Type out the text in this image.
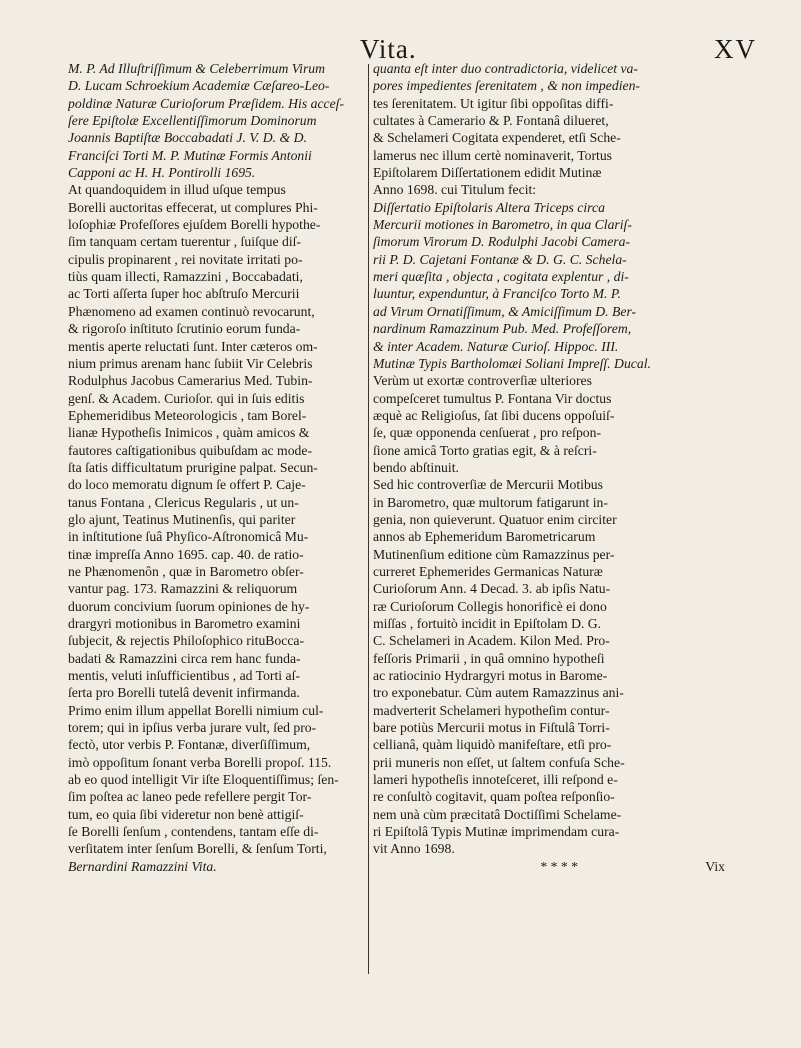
Vita.	XV
M. P. Ad Illuſtriſſimum & Celeberrimum Virum
D. Lucam Schroekium Academiæ Cæſareo-Leo-
poldinæ Naturæ Curioſorum Præſidem. His acceſ-
ſere Epiſtolæ Excellentiſſimorum Dominorum
Joannis Baptiſtæ Boccabadati J. V. D. & D.
Franciſci Torti M. P. Mutinæ Formis Antonii
Capponi ac H. H. Pontirolli 1695.
At quandoquidem in illud uſque tempus
Borelli auctoritas effecerat, ut complures Phi-
loſophiæ Profeſſores ejuſdem Borelli hypothe-
ſim tanquam certam tuerentur , ſuiſque diſ-
cipulis propinarent , rei novitate irritati po-
tiùs quam illecti, Ramazzini , Boccabadati,
ac Torti aſſerta ſuper hoc abſtruſo Mercurii
Phænomeno ad examen continuò revocarunt,
& rigoroſo inſtituto ſcrutinio eorum funda-
mentis aperte reluctati ſunt. Inter cæteros om-
nium primus arenam hanc ſubiit Vir Celebris
Rodulphus Jacobus Camerarius Med. Tubin-
genſ. & Academ. Curioſor. qui in ſuis editis
Ephemeridibus Meteorologicis , tam Borel-
lianæ Hypotheſis Inimicos , quàm amicos &
fautores caſtigationibus quibuſdam ac mode-
ſta ſatis difficultatum prurigine palpat. Secun-
do loco memoratu dignum ſe offert P. Caje-
tanus Fontana , Clericus Regularis , ut un-
glo ajunt, Teatinus Mutinenſis, qui pariter
in inſtitutione ſuâ Phyſico-Aſtronomicâ Mu-
tinæ impreſſa Anno 1695. cap. 40. de ratio-
ne Phænomenôn , quæ in Barometro obſer-
vantur pag. 173. Ramazzini & reliquorum
duorum concivium ſuorum opiniones de hy-
drargyri motionibus in Barometro examini
ſubjecit, & rejectis Philoſophico rituBocca-
badati & Ramazzini circa rem hanc funda-
mentis, veluti inſufficientibus , ad Torti aſ-
ſerta pro Borelli tutelâ devenit infirmanda.
Primo enim illum appellat Borelli nimium cul-
torem; qui in ipſius verba jurare vult, ſed pro-
fectò, utor verbis P. Fontanæ, diverſiſſimum,
imò oppoſitum ſonant verba Borelli propoſ. 115.
ab eo quod intelligit Vir iſte Eloquentiſſimus; ſen-
ſim poſtea ac laneo pede refellere pergit Tor-
tum, eo quia ſibi videretur non benè attigiſ-
ſe Borelli ſenſum , contendens, tantam eſſe di-
verſitatem inter ſenſum Borelli, & ſenſum Torti,
Bernardini Ramazzini Vita.
quanta eſt inter duo contradictoria, videlicet va-
pores impedientes ſerenitatem , & non impedien-
tes ſerenitatem. Ut igitur ſibi oppoſitas diffi-
cultates à Camerario & P. Fontanâ dilueret,
& Schelameri Cogitata expenderet, etſi Sche-
lamerus nec illum certè nominaverit, Tortus
Epiſtolarem Diſſertationem edidit Mutinæ
Anno 1698. cui Titulum fecit:
Diſſertatio Epiſtolaris Altera Triceps circa
Mercurii motiones in Barometro, in qua Clariſ-
ſimorum Virorum D. Rodulphi Jacobi Camera-
rii P. D. Cajetani Fontanæ & D. G. C. Schela-
meri quæſita , objecta , cogitata explentur , di-
luuntur, expenduntur, à Franciſco Torto M. P.
ad Virum Ornatiſſimum, & Amiciſſimum D. Ber-
nardinum Ramazzinum Pub. Med. Profeſſorem,
& inter Academ. Naturæ Curioſ. Hippoc. III.
Mutinæ Typis Bartholomæi Soliani Impreſſ. Ducal.
Verùm ut exortæ controverſiæ ulteriores
compeſceret tumultus P. Fontana Vir doctus
æquè ac Religioſus, ſat ſibi ducens oppoſuiſ-
ſe, quæ opponenda cenſuerat , pro reſpon-
ſione amicâ Torto gratias egit, & à reſcri-
bendo abſtinuit.
Sed hic controverſiæ de Mercurii Motibus
in Barometro, quæ multorum fatigarunt in-
genia, non quieverunt. Quatuor enim circiter
annos ab Ephemeridum Barometricarum
Mutinenſium editione cùm Ramazzinus per-
curreret Ephemerides Germanicas Naturæ
Curioſorum Ann. 4 Decad. 3. ab ipſis Natu-
ræ Curioſorum Collegis honorificè ei dono
miſſas , fortuitò incidit in Epiſtolam D. G.
C. Schelameri in Academ. Kilon Med. Pro-
feſſoris Primarii , in quâ omnino hypotheſi
ac ratiocinio Hydrargyri motus in Barome-
tro exponebatur. Cùm autem Ramazzinus ani-
madverterit Schelameri hypotheſim contur-
bare potiùs Mercurii motus in Fiſtulâ Torri-
cellianâ, quàm liquidò manifeſtare, etſi pro-
prii muneris non eſſet, ut ſaltem confuſa Sche-
lameri hypotheſis innoteſceret, illi reſpond e-
re conſultò cogitavit, quam poſtea reſponſio-
nem unà cùm præcitatâ Doctiſſimi Schelame-
ri Epiſtolâ Typis Mutinæ imprimendam cura-
vit Anno 1698.
* * * *	Vix
